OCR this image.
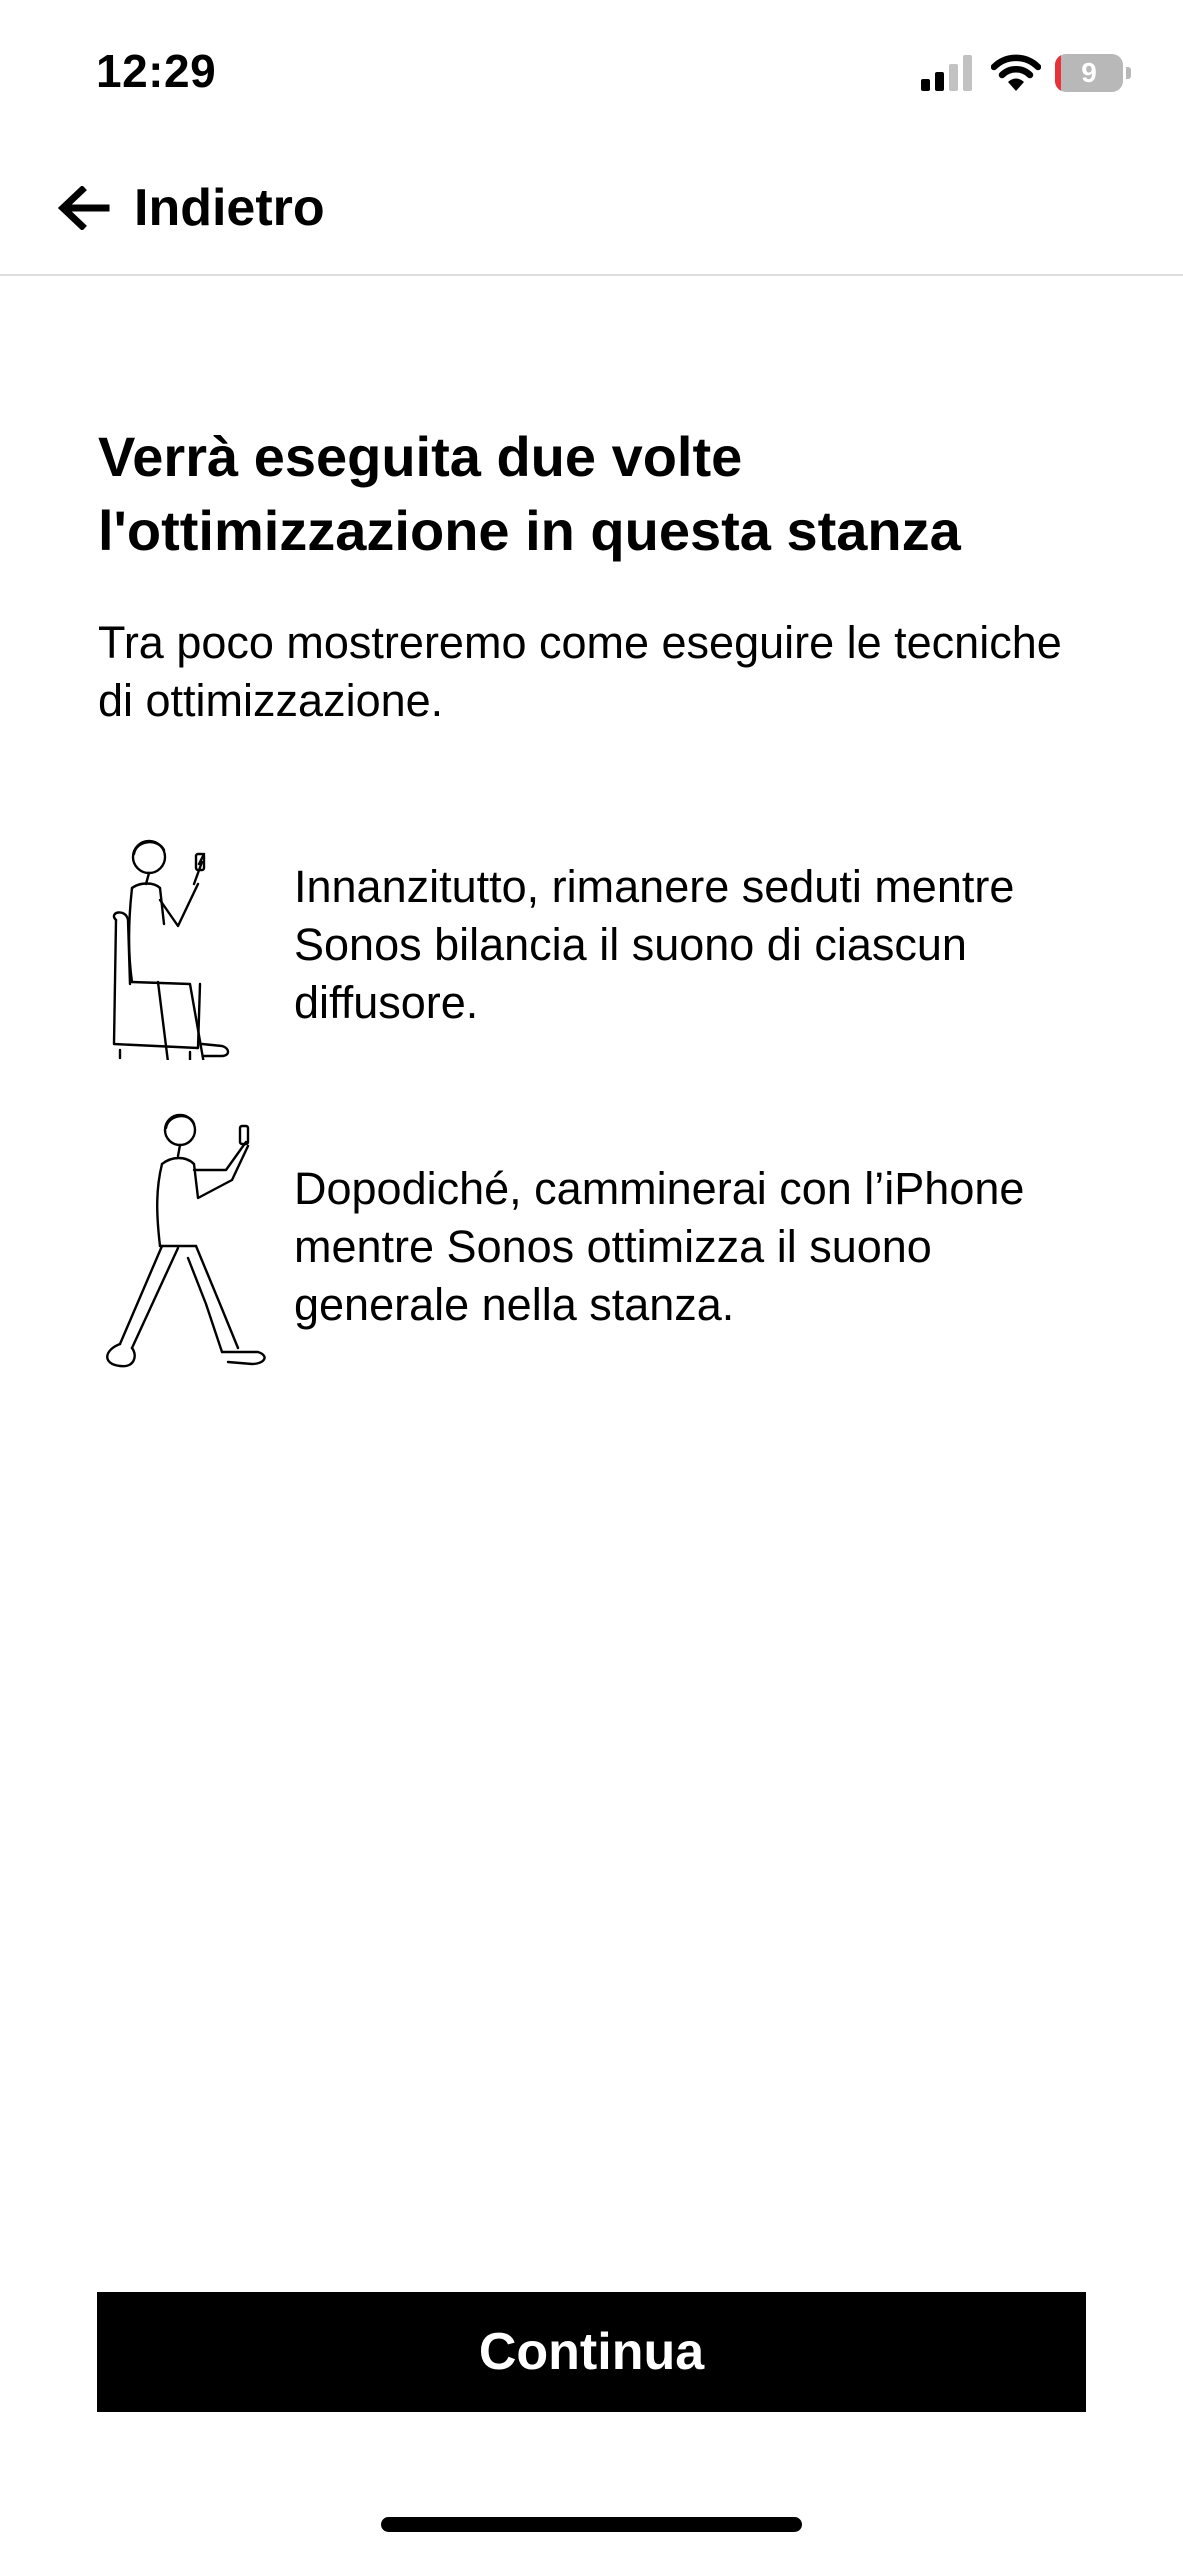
12:29	9
Indietro
Verrà eseguita due volte l'ottimizzazione in questa stanza

Tra poco mostreremo come eseguire le tecniche di ottimizzazione.

Innanzitutto, rimanere seduti mentre Sonos bilancia il suono di ciascun diffusore.

Dopodiché, camminerai con l’iPhone mentre Sonos ottimizza il suono generale nella stanza.

Continua
